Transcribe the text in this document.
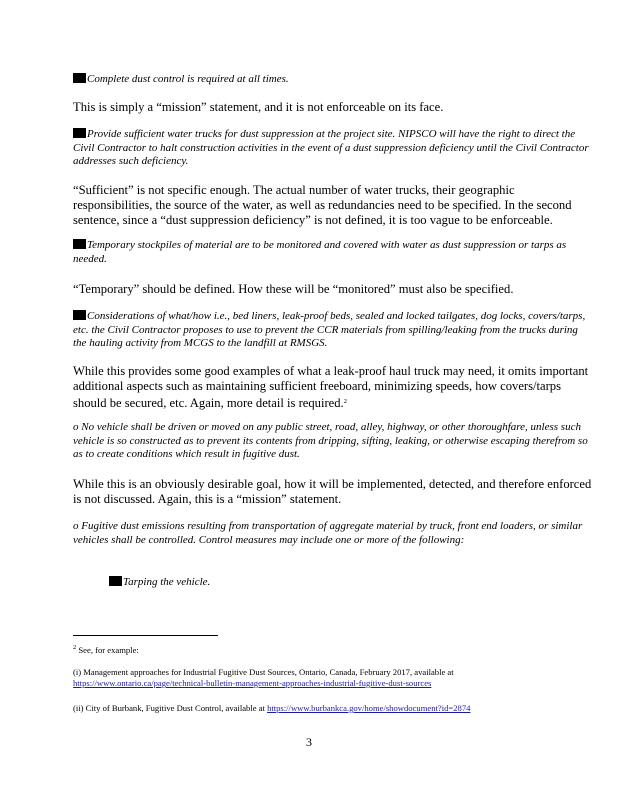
Complete dust control is required at all times.
This is simply a “mission” statement, and it is not enforceable on its face.
Provide sufficient water trucks for dust suppression at the project site. NIPSCO will have the right to direct the Civil Contractor to halt construction activities in the event of a dust suppression deficiency until the Civil Contractor addresses such deficiency.
“Sufficient” is not specific enough. The actual number of water trucks, their geographic responsibilities, the source of the water, as well as redundancies need to be specified. In the second sentence, since a “dust suppression deficiency” is not defined, it is too vague to be enforceable.
Temporary stockpiles of material are to be monitored and covered with water as dust suppression or tarps as needed.
“Temporary” should be defined. How these will be “monitored” must also be specified.
Considerations of what/how i.e., bed liners, leak-proof beds, sealed and locked tailgates, dog locks, covers/tarps, etc. the Civil Contractor proposes to use to prevent the CCR materials from spilling/leaking from the trucks during the hauling activity from MCGS to the landfill at RMSGS.
While this provides some good examples of what a leak-proof haul truck may need, it omits important additional aspects such as maintaining sufficient freeboard, minimizing speeds, how covers/tarps should be secured, etc. Again, more detail is required.$^2$
o No vehicle shall be driven or moved on any public street, road, alley, highway, or other thoroughfare, unless such vehicle is so constructed as to prevent its contents from dripping, sifting, leaking, or otherwise escaping therefrom so as to create conditions which result in fugitive dust.
While this is an obviously desirable goal, how it will be implemented, detected, and therefore enforced is not discussed. Again, this is a “mission” statement.
o Fugitive dust emissions resulting from transportation of aggregate material by truck, front end loaders, or similar vehicles shall be controlled. Control measures may include one or more of the following:
Tarping the vehicle.
$^2$ See, for example:
(i) Management approaches for Industrial Fugitive Dust Sources, Ontario, Canada, February 2017, available at
https://www.ontario.ca/page/technical-bulletin-management-approaches-industrial-fugitive-dust-sources
(ii) City of Burbank, Fugitive Dust Control, available at https://www.burbankca.gov/home/showdocument?id=2874
3
